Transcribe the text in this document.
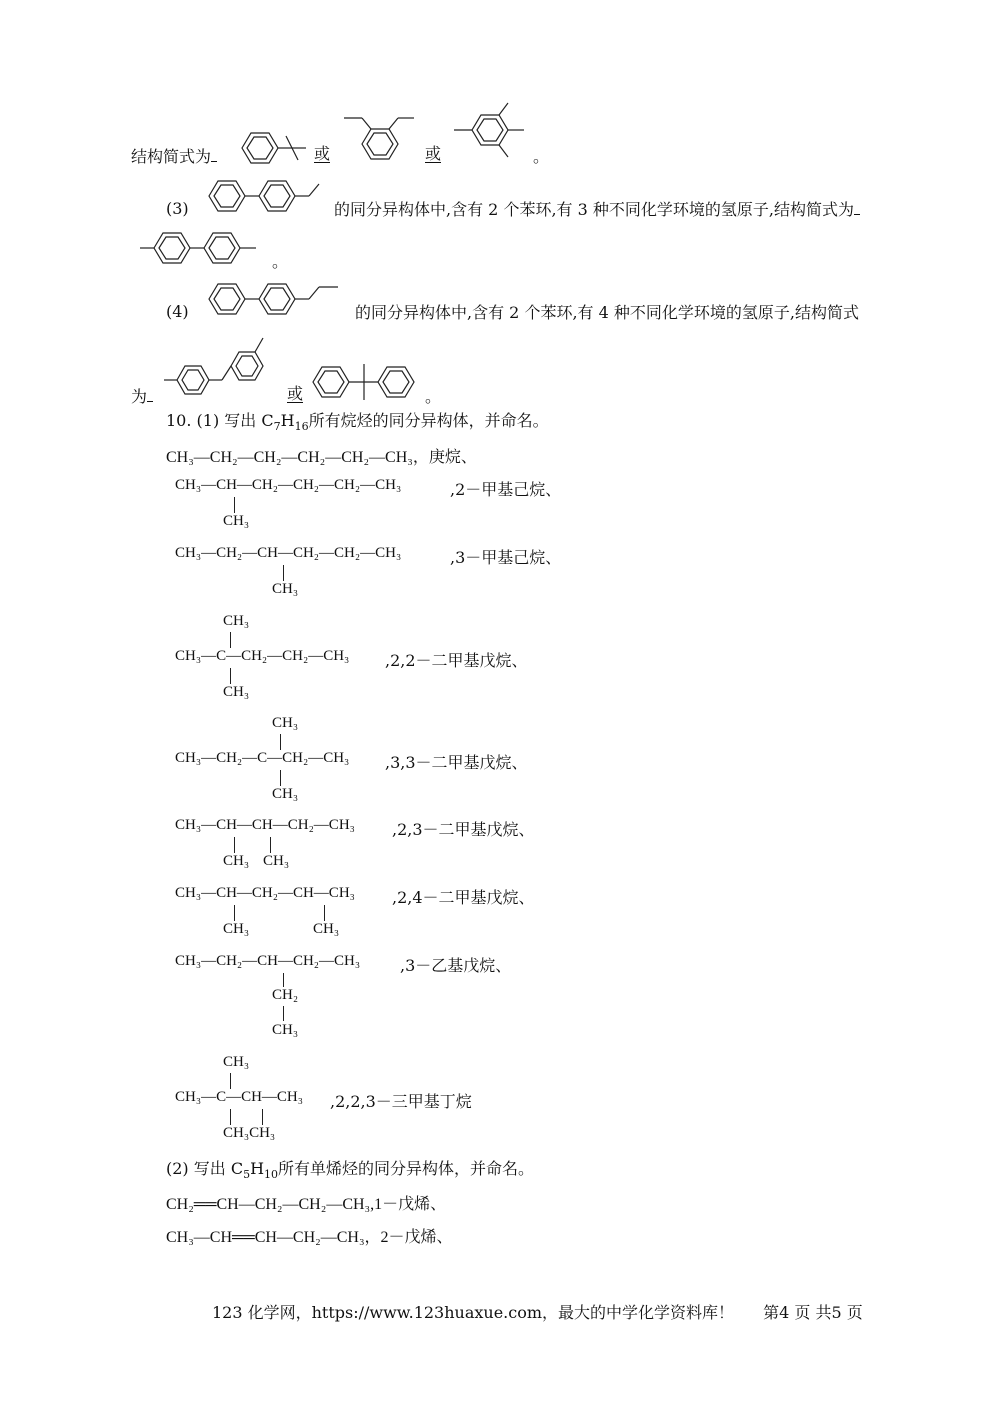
结构简式为	或	或	。
(3)	的同分异构体中,含有 2 个苯环,有 3 种不同化学环境的氢原子,结构简式为
。
(4)	的同分异构体中,含有 2 个苯环,有 4 种不同化学环境的氢原子,结构简式
为	或	。
10. (1) 写出 $C_7H_{16}$所有烷烃的同分异构体，并命名。
CH₃—CH₂—CH₂—CH₂—CH₂—CH₃，庚烷、
CH₃—CH—CH₂—CH₂—CH₂—CH₃
CH₃
,2－甲基己烷、
CH₃—CH₂—CH—CH₂—CH₂—CH₃
CH₃
,3－甲基己烷、
CH₃
CH₃—C—CH₂—CH₂—CH₃
CH₃
,2,2－二甲基戊烷、
CH₃
CH₃—CH₂—C—CH₂—CH₃
CH₃
,3,3－二甲基戊烷、
CH₃—CH—CH—CH₂—CH₃
CH₃ CH₃
,2,3－二甲基戊烷、
CH₃—CH—CH₂—CH—CH₃
CH₃	CH₃
,2,4－二甲基戊烷、
CH₃—CH₂—CH—CH₂—CH₃
CH₂
CH₃
,3－乙基戊烷、
CH₃
CH₃—C—CH—CH₃
CH₃CH₃
,2,2,3－三甲基丁烷
(2) 写出 $C_5H_{10}$所有单烯烃的同分异构体，并命名。
CH₂══CH—CH₂—CH₂—CH₃,1－戊烯、
CH₃—CH══CH—CH₂—CH₃，2－戊烯、
123 化学网，https://www.123huaxue.com，最大的中学化学资料库！ 第4 页 共5 页
